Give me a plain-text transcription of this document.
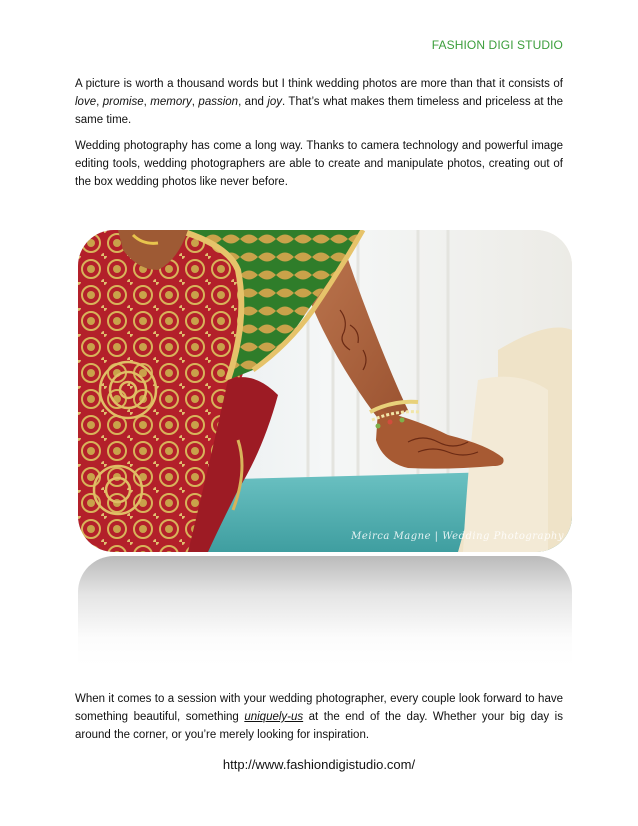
FASHION DIGI STUDIO

A picture is worth a thousand words but I think wedding photos are more than that it consists of love, promise, memory, passion, and joy. That’s what makes them timeless and priceless at the same time.

Wedding photography has come a long way. Thanks to camera technology and powerful image editing tools, wedding photographers are able to create and manipulate photos, creating out of the box wedding photos like never before.

Meirca Magne | Wedding Photography

When it comes to a session with your wedding photographer, every couple look forward to have something beautiful, something uniquely-us at the end of the day. Whether your big day is around the corner, or you’re merely looking for inspiration.

http://www.fashiondigistudio.com/
